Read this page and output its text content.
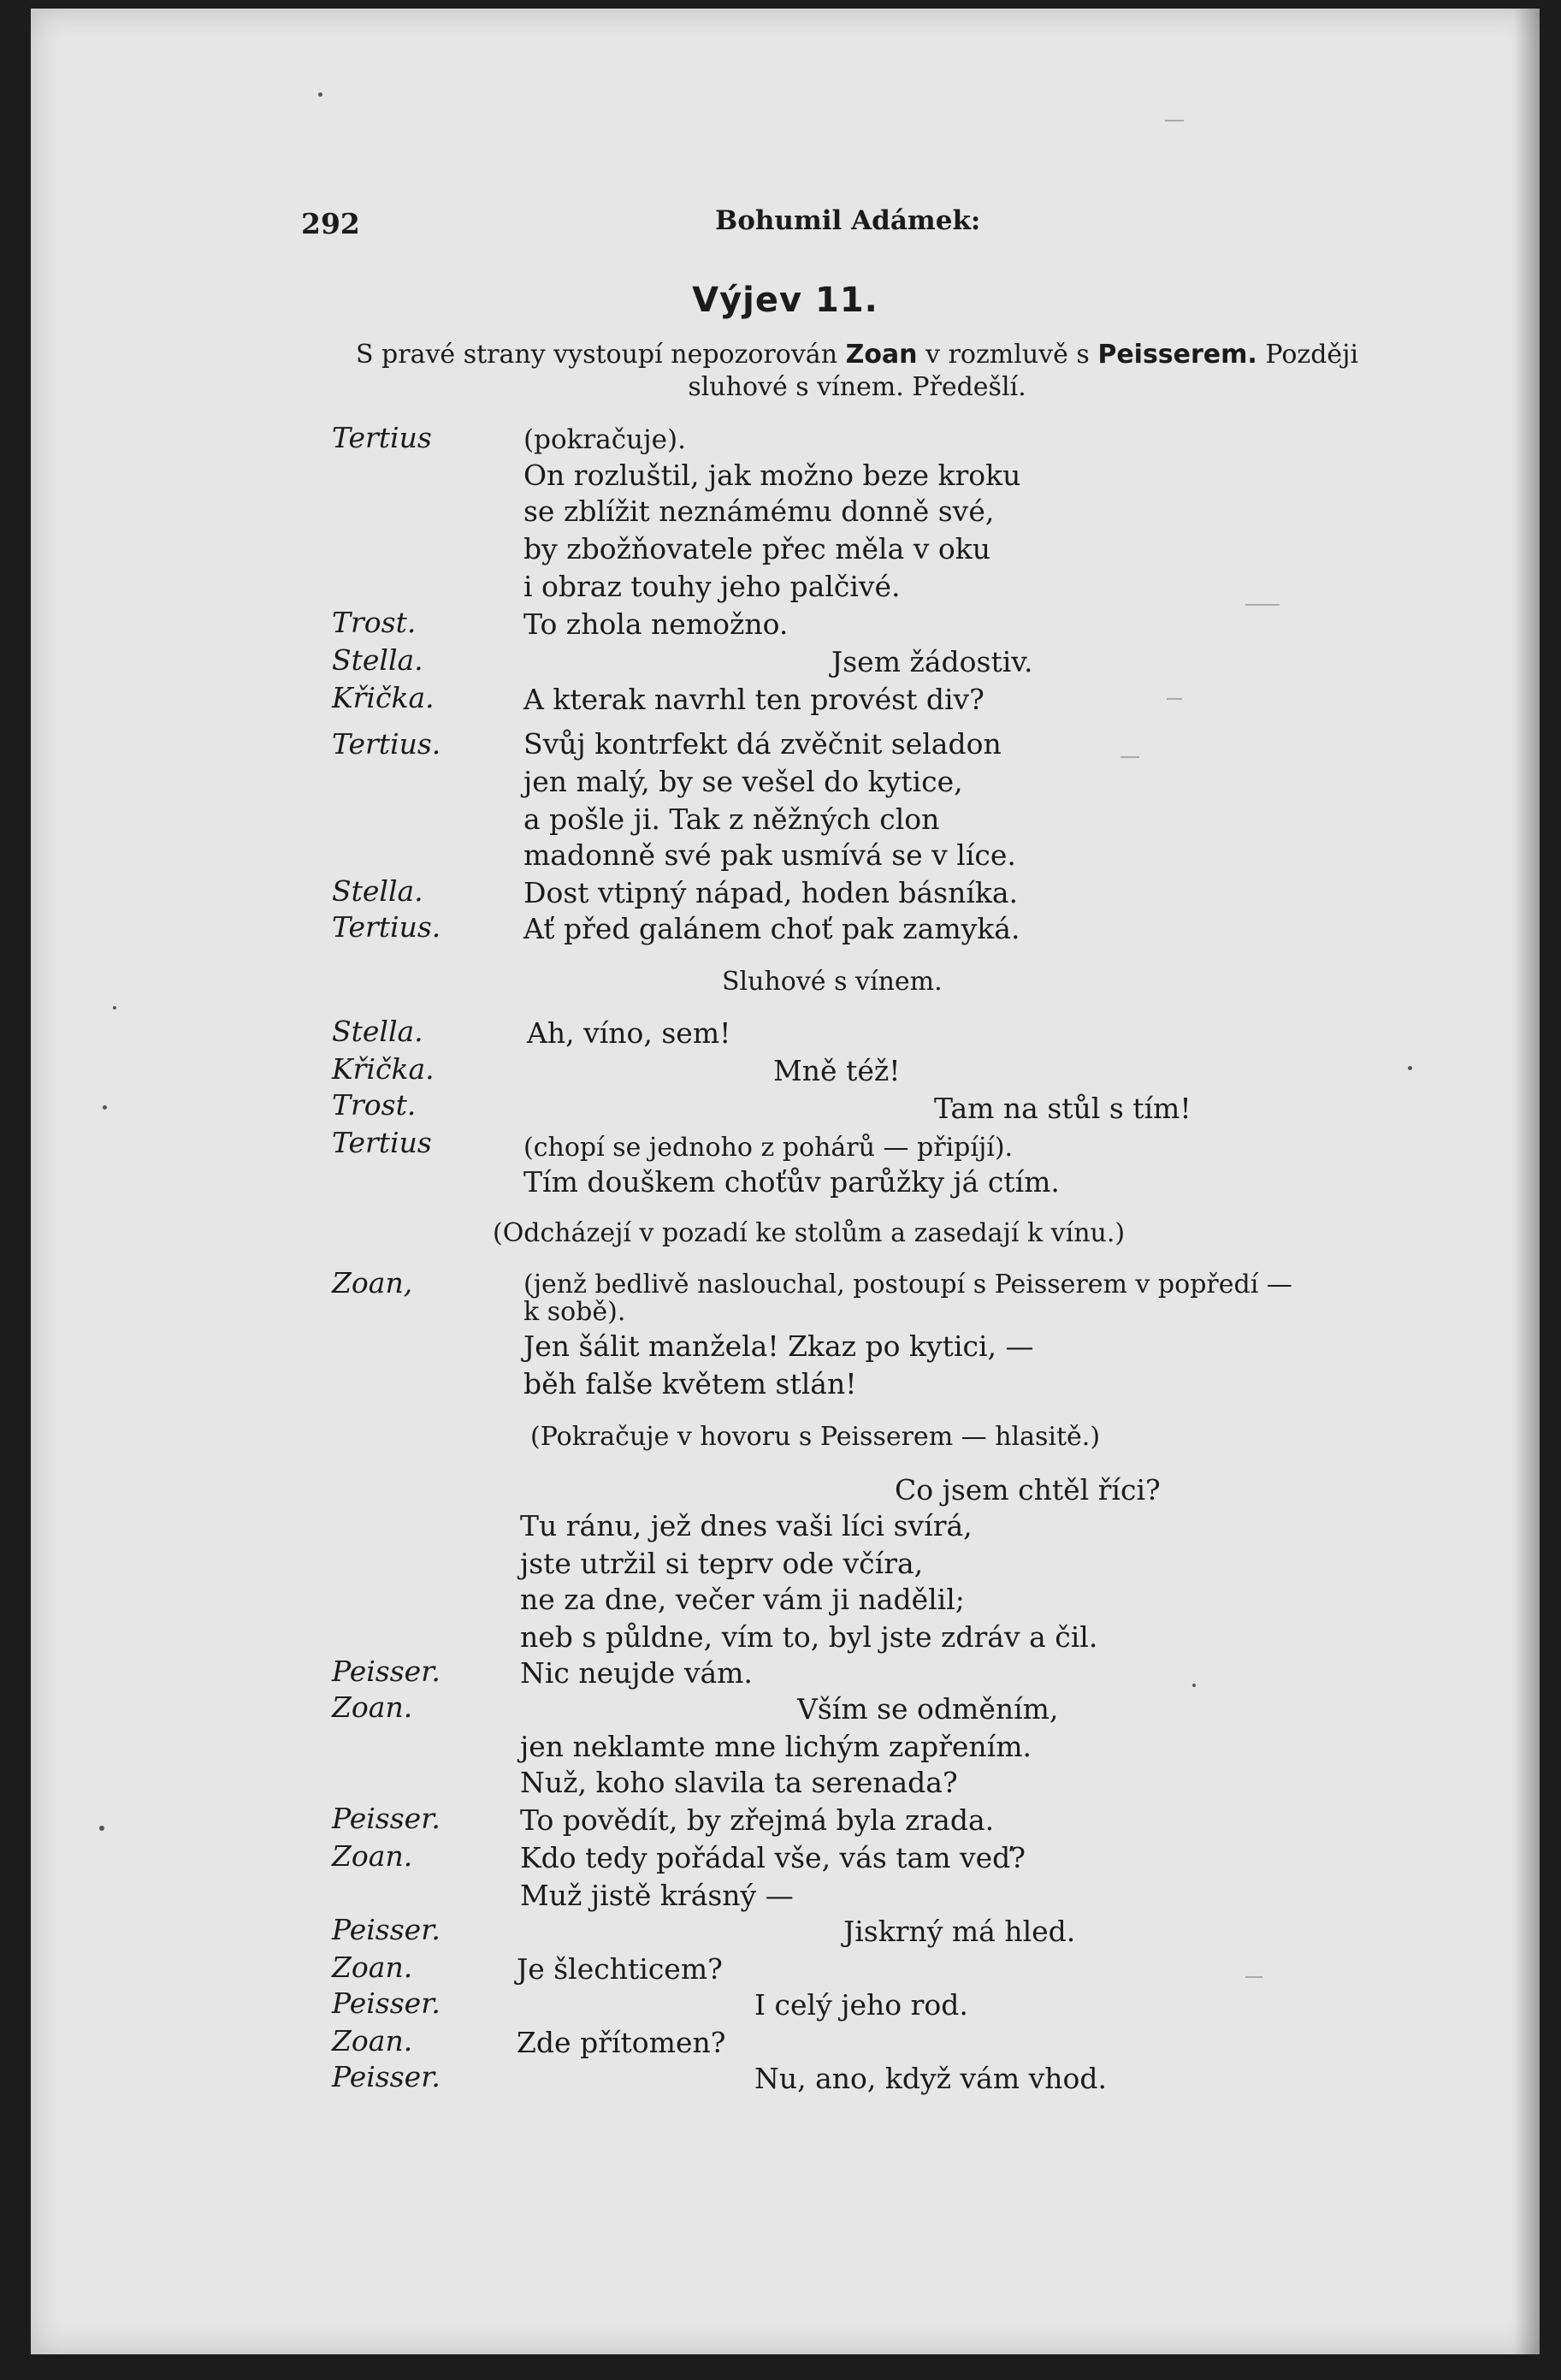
292	Bohumil Adámek:
Výjev 11.
S pravé strany vystoupí nepozorován Zoan v rozmluvě s Peisserem. Později
sluhové s vínem. Předešlí.
Tertius
Trost.
Stella.
Křička.
Tertius.
Stella.
Tertius.
Stella.
Křička.
Trost.
Tertius
Zoan,
Peisser.
Zoan.
Peisser.
Zoan.
Peisser.
Zoan.
Peisser.
Zoan.
Peisser.
(pokračuje).
On rozluštil, jak možno beze kroku
se zblížit neznámému donně své,
by zbožňovatele přec měla v oku
i obraz touhy jeho palčivé.
To zhola nemožno.
Jsem žádostiv.
A kterak navrhl ten provést div?
Svůj kontrfekt dá zvěčnit seladon
jen malý, by se vešel do kytice,
a pošle ji. Tak z něžných clon
madonně své pak usmívá se v líce.
Dost vtipný nápad, hoden básníka.
Ať před galánem choť pak zamyká.
Sluhové s vínem.
Ah, víno, sem!
Mně též!
Tam na stůl s tím!
(chopí se jednoho z pohárů — připíjí).
Tím douškem choťův parůžky já ctím.
(Odcházejí v pozadí ke stolům a zasedají k vínu.)
(jenž bedlivě naslouchal, postoupí s Peisserem v popředí —
k sobě).
Jen šálit manžela! Zkaz po kytici, —
běh falše květem stlán!
(Pokračuje v hovoru s Peisserem — hlasitě.)
Co jsem chtěl říci?
Tu ránu, jež dnes vaši líci svírá,
jste utržil si teprv ode včíra,
ne za dne, večer vám ji nadělil;
neb s půldne, vím to, byl jste zdráv a čil.
Nic neujde vám.
Vším se odměním,
jen neklamte mne lichým zapřením.
Nuž, koho slavila ta serenada?
To povědít, by zřejmá byla zrada.
Kdo tedy pořádal vše, vás tam veď?
Muž jistě krásný —
Jiskrný má hled.
Je šlechticem?
I celý jeho rod.
Zde přítomen?
Nu, ano, když vám vhod.
